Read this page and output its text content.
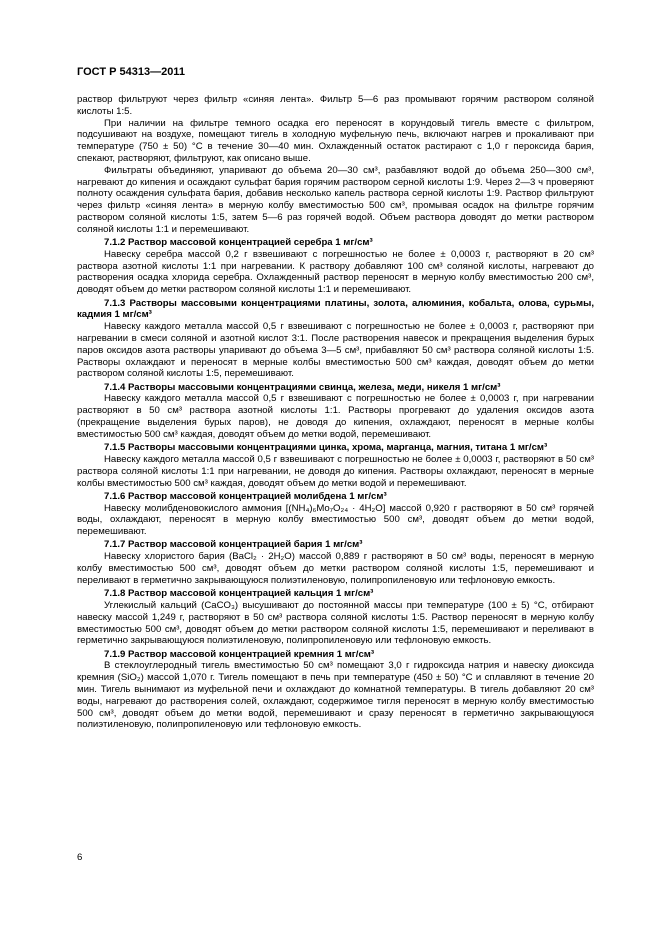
ГОСТ Р 54313—2011

раствор фильтруют через фильтр «синяя лента». Фильтр 5—6 раз промывают горячим раствором соляной кислоты 1:5.

При наличии на фильтре темного осадка его переносят в корундовый тигель вместе с фильтром, подсушивают на воздухе, помещают тигель в холодную муфельную печь, включают нагрев и прокаливают при температуре (750 ± 50) °С в течение 30—40 мин. Охлажденный остаток растирают с 1,0 г пероксида бария, спекают, растворяют, фильтруют, как описано выше.

Фильтраты объединяют, упаривают до объема 20—30 см³, разбавляют водой до объема 250—300 см³, нагревают до кипения и осаждают сульфат бария горячим раствором серной кислоты 1:9. Через 2—3 ч проверяют полноту осаждения сульфата бария, добавив несколько капель раствора серной кислоты 1:9. Раствор фильтруют через фильтр «синяя лента» в мерную колбу вместимостью 500 см³, промывая осадок на фильтре горячим раствором соляной кислоты 1:5, затем 5—6 раз горячей водой. Объем раствора доводят до метки раствором соляной кислоты 1:1 и перемешивают.

7.1.2 Раствор массовой концентрацией серебра 1 мг/см³

Навеску серебра массой 0,2 г взвешивают с погрешностью не более ± 0,0003 г, растворяют в 20 см³ раствора азотной кислоты 1:1 при нагревании. К раствору добавляют 100 см³ соляной кислоты, нагревают до растворения осадка хлорида серебра. Охлажденный раствор переносят в мерную колбу вместимостью 200 см³, доводят объем до метки раствором соляной кислоты 1:1 и перемешивают.

7.1.3 Растворы массовыми концентрациями платины, золота, алюминия, кобальта, олова, сурьмы, кадмия 1 мг/см³

Навеску каждого металла массой 0,5 г взвешивают с погрешностью не более ± 0,0003 г, растворяют при нагревании в смеси соляной и азотной кислот 3:1. После растворения навесок и прекращения выделения бурых паров оксидов азота растворы упаривают до объема 3—5 см³, прибавляют 50 см³ раствора соляной кислоты 1:5. Растворы охлаждают и переносят в мерные колбы вместимостью 500 см³ каждая, доводят объем до метки раствором соляной кислоты 1:5, перемешивают.

7.1.4 Растворы массовыми концентрациями свинца, железа, меди, никеля 1 мг/см³

Навеску каждого металла массой 0,5 г взвешивают с погрешностью не более ± 0,0003 г, при нагревании растворяют в 50 см³ раствора азотной кислоты 1:1. Растворы прогревают до удаления оксидов азота (прекращение выделения бурых паров), не доводя до кипения, охлаждают, переносят в мерные колбы вместимостью 500 см³ каждая, доводят объем до метки водой, перемешивают.

7.1.5 Растворы массовыми концентрациями цинка, хрома, марганца, магния, титана 1 мг/см³

Навеску каждого металла массой 0,5 г взвешивают с погрешностью не более ± 0,0003 г, растворяют в 50 см³ раствора соляной кислоты 1:1 при нагревании, не доводя до кипения. Растворы охлаждают, переносят в мерные колбы вместимостью 500 см³ каждая, доводят объем до метки водой и перемешивают.

7.1.6 Раствор массовой концентрацией молибдена 1 мг/см³

Навеску молибденовокислого аммония [(NH₄)₆Mo₇O₂₄ · 4H₂O] массой 0,920 г растворяют в 50 см³ горячей воды, охлаждают, переносят в мерную колбу вместимостью 500 см³, доводят объем до метки водой, перемешивают.

7.1.7 Раствор массовой концентрацией бария 1 мг/см³

Навеску хлористого бария (BaCl₂ · 2H₂O) массой 0,889 г растворяют в 50 см³ воды, переносят в мерную колбу вместимостью 500 см³, доводят объем до метки раствором соляной кислоты 1:5, перемешивают и переливают в герметично закрывающуюся полиэтиленовую, полипропиленовую или тефлоновую емкость.

7.1.8 Раствор массовой концентрацией кальция 1 мг/см³

Углекислый кальций (CaCO₃) высушивают до постоянной массы при температуре (100 ± 5) °С, отбирают навеску массой 1,249 г, растворяют в 50 см³ раствора соляной кислоты 1:5. Раствор переносят в мерную колбу вместимостью 500 см³, доводят объем до метки раствором соляной кислоты 1:5, перемешивают и переливают в герметично закрывающуюся полиэтиленовую, полипропиленовую или тефлоновую емкость.

7.1.9 Раствор массовой концентрацией кремния 1 мг/см³

В стеклоуглеродный тигель вместимостью 50 см³ помещают 3,0 г гидроксида натрия и навеску диоксида кремния (SiO₂) массой 1,070 г. Тигель помещают в печь при температуре (450 ± 50) °С и сплавляют в течение 20 мин. Тигель вынимают из муфельной печи и охлаждают до комнатной температуры. В тигель добавляют 20 см³ воды, нагревают до растворения солей, охлаждают, содержимое тигля переносят в мерную колбу вместимостью 500 см³, доводят объем до метки водой, перемешивают и сразу переносят в герметично закрывающуюся полиэтиленовую, полипропиленовую или тефлоновую емкость.

6
